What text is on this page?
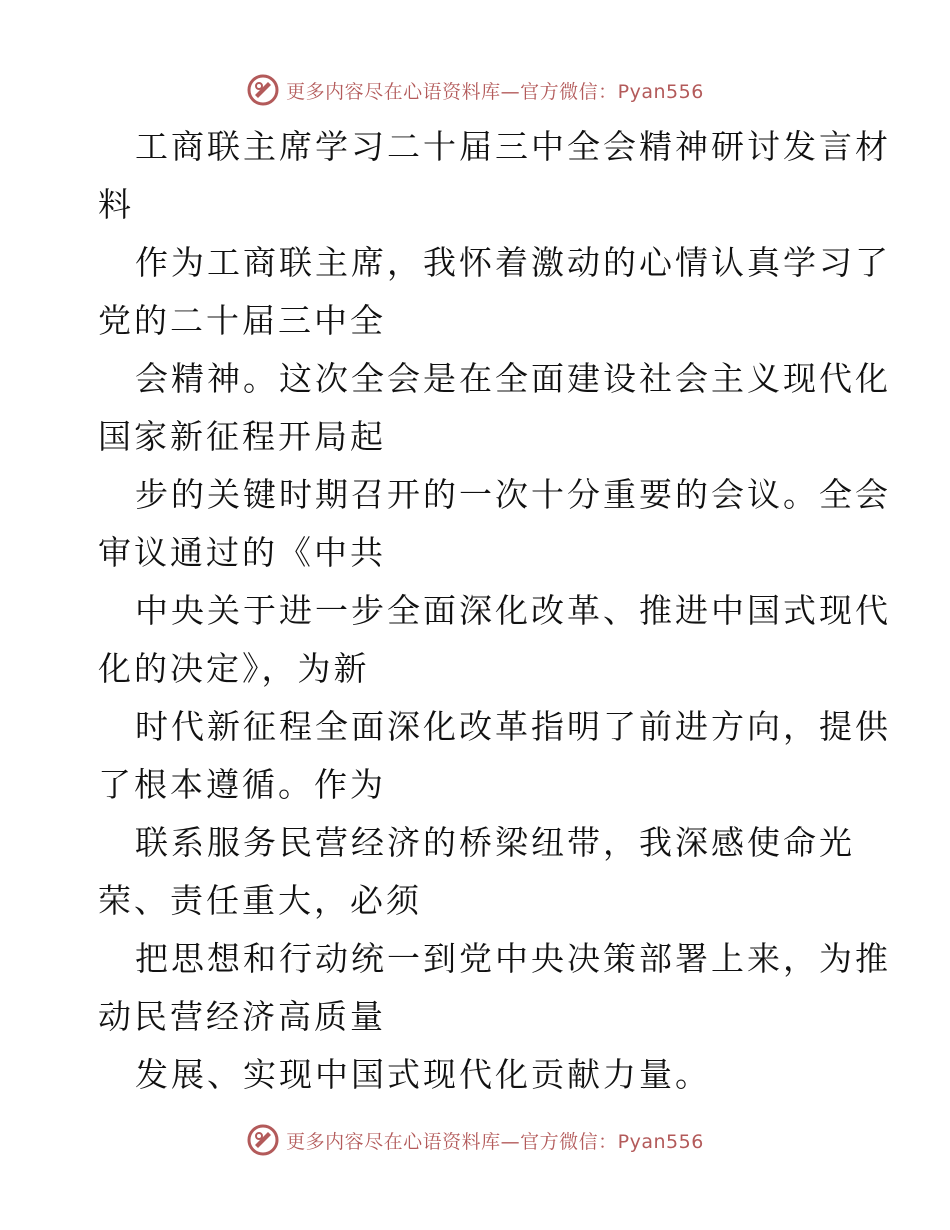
更多内容尽在心语资料库—官方微信：Pyan556
工商联主席学习二十届三中全会精神研讨发言材
料
作为工商联主席，我怀着激动的心情认真学习了
党的二十届三中全
会精神。这次全会是在全面建设社会主义现代化
国家新征程开局起
步的关键时期召开的一次十分重要的会议。全会
审议通过的《中共
中央关于进一步全面深化改革、推进中国式现代
化的决定》，为新
时代新征程全面深化改革指明了前进方向，提供
了根本遵循。作为
联系服务民营经济的桥梁纽带，我深感使命光
荣、责任重大，必须
把思想和行动统一到党中央决策部署上来，为推
动民营经济高质量
发展、实现中国式现代化贡献力量。
更多内容尽在心语资料库—官方微信：Pyan556
